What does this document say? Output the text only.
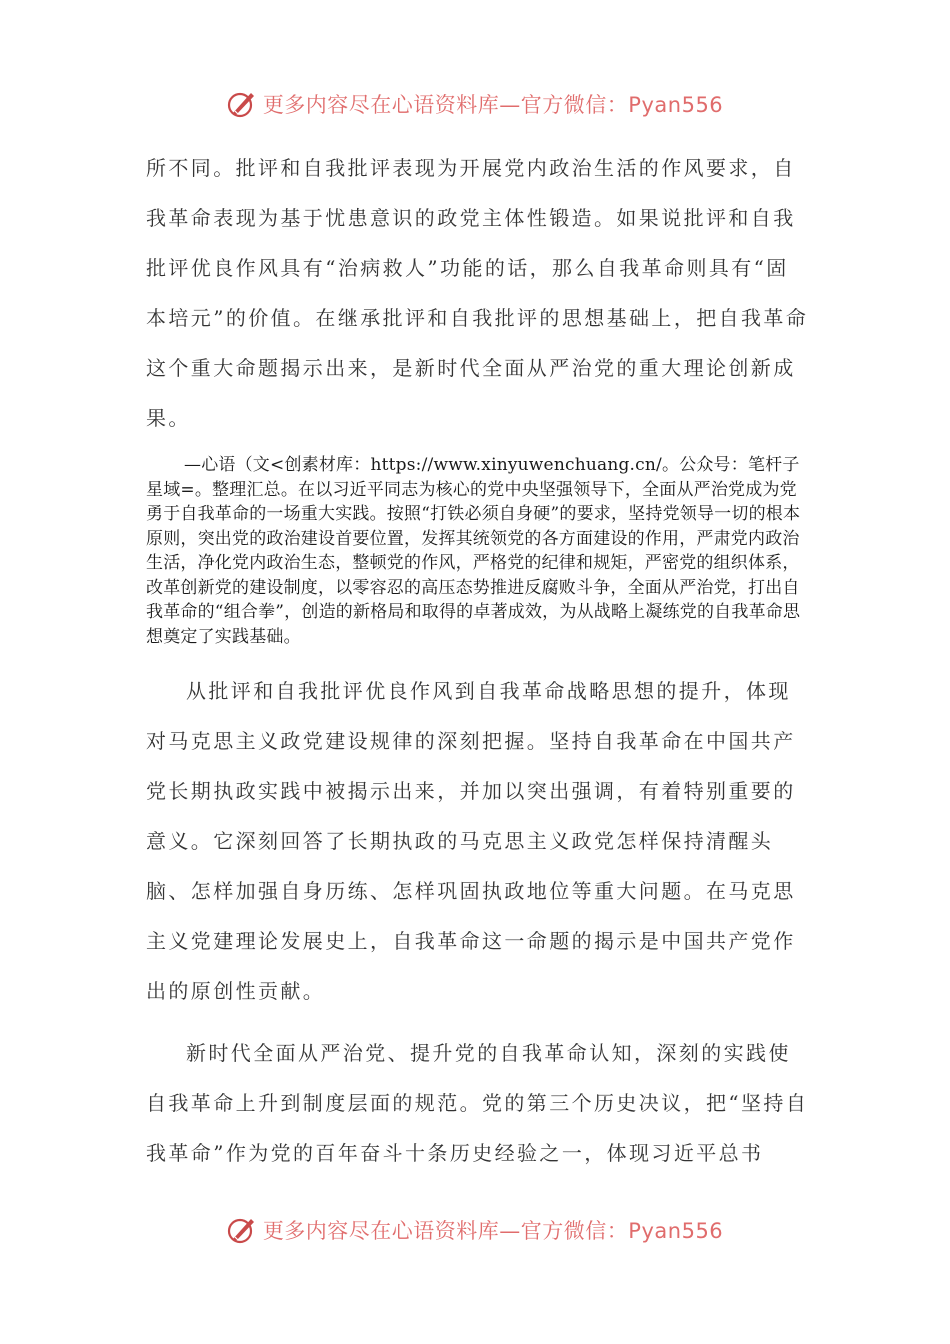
更多内容尽在心语资料库—官方微信：Pyan556

所不同。批评和自我批评表现为开展党内政治生活的作风要求，自我革命表现为基于忧患意识的政党主体性锻造。如果说批评和自我批评优良作风具有“治病救人”功能的话，那么自我革命则具有“固本培元”的价值。在继承批评和自我批评的思想基础上，把自我革命这个重大命题揭示出来，是新时代全面从严治党的重大理论创新成果。

—心语（文<创素材库：https://www.xinyuwenchuang.cn/。公众号：笔杆子星域=。整理汇总。在以习近平同志为核心的党中央坚强领导下，全面从严治党成为党勇于自我革命的一场重大实践。按照“打铁必须自身硬”的要求，坚持党领导一切的根本原则，突出党的政治建设首要位置，发挥其统领党的各方面建设的作用，严肃党内政治生活，净化党内政治生态，整顿党的作风，严格党的纪律和规矩，严密党的组织体系，改革创新党的建设制度，以零容忍的高压态势推进反腐败斗争，全面从严治党，打出自我革命的“组合拳”，创造的新格局和取得的卓著成效，为从战略上凝练党的自我革命思想奠定了实践基础。

从批评和自我批评优良作风到自我革命战略思想的提升，体现对马克思主义政党建设规律的深刻把握。坚持自我革命在中国共产党长期执政实践中被揭示出来，并加以突出强调，有着特别重要的意义。它深刻回答了长期执政的马克思主义政党怎样保持清醒头脑、怎样加强自身历练、怎样巩固执政地位等重大问题。在马克思主义党建理论发展史上，自我革命这一命题的揭示是中国共产党作出的原创性贡献。

新时代全面从严治党、提升党的自我革命认知，深刻的实践使自我革命上升到制度层面的规范。党的第三个历史决议，把“坚持自我革命”作为党的百年奋斗十条历史经验之一，体现习近平总书

更多内容尽在心语资料库—官方微信：Pyan556
